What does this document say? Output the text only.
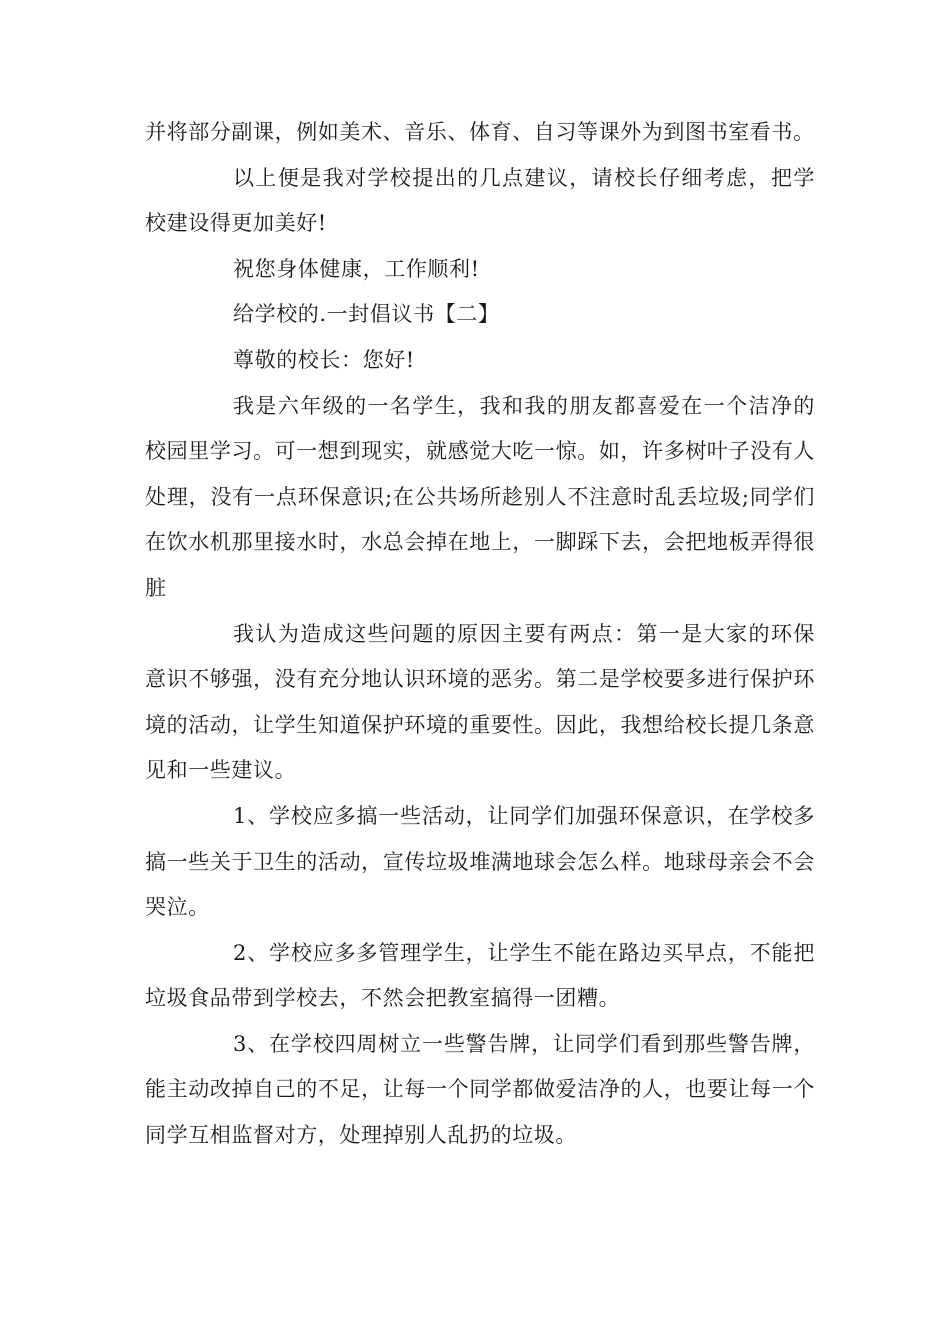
并将部分副课，例如美术、音乐、体育、自习等课外为到图书室看书。

以上便是我对学校提出的几点建议，请校长仔细考虑，把学校建设得更加美好!

祝您身体健康，工作顺利!

给学校的.一封倡议书【二】

尊敬的校长：您好!

我是六年级的一名学生，我和我的朋友都喜爱在一个洁净的校园里学习。可一想到现实，就感觉大吃一惊。如，许多树叶子没有人处理，没有一点环保意识;在公共场所趁别人不注意时乱丢垃圾;同学们在饮水机那里接水时，水总会掉在地上，一脚踩下去，会把地板弄得很脏

我认为造成这些问题的原因主要有两点：第一是大家的环保意识不够强，没有充分地认识环境的恶劣。第二是学校要多进行保护环境的活动，让学生知道保护环境的重要性。因此，我想给校长提几条意见和一些建议。

1、学校应多搞一些活动，让同学们加强环保意识，在学校多搞一些关于卫生的活动，宣传垃圾堆满地球会怎么样。地球母亲会不会哭泣。

2、学校应多多管理学生，让学生不能在路边买早点，不能把垃圾食品带到学校去，不然会把教室搞得一团糟。

3、在学校四周树立一些警告牌，让同学们看到那些警告牌，能主动改掉自己的不足，让每一个同学都做爱洁净的人，也要让每一个同学互相监督对方，处理掉别人乱扔的垃圾。
